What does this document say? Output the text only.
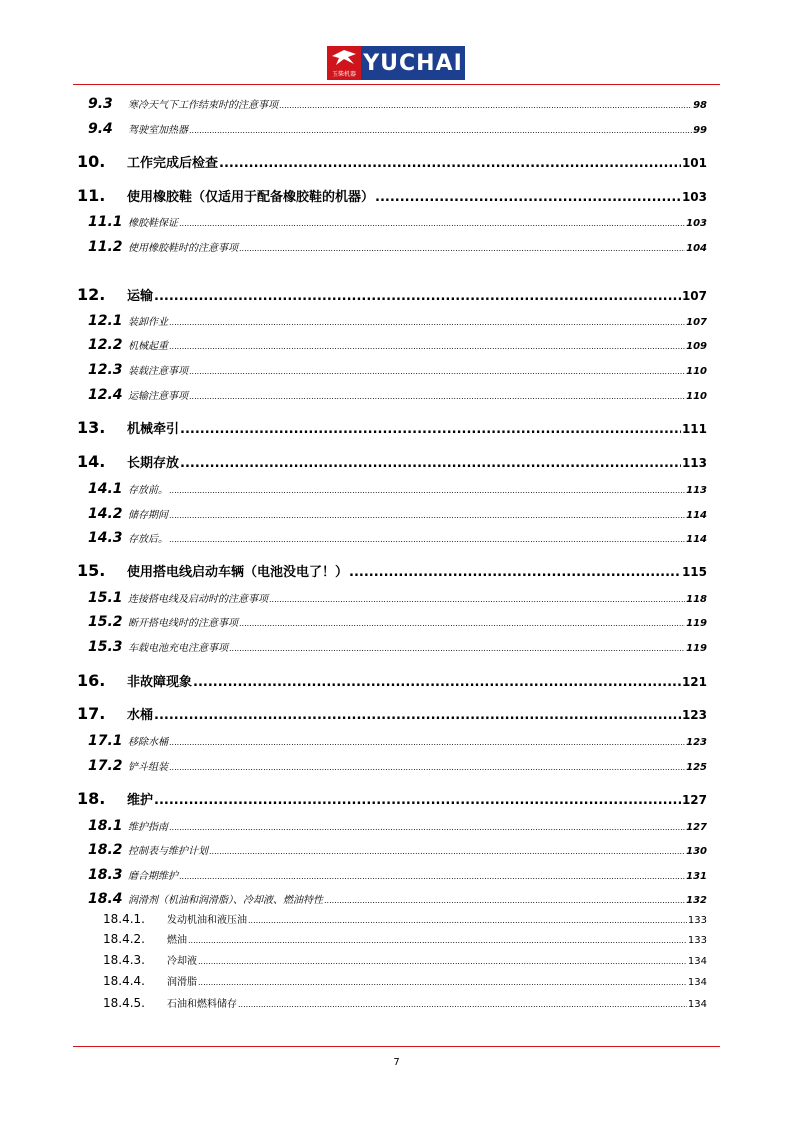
玉柴机器 YUCHAI
9.3	寒冷天气下工作结束时的注意事项 .....	98
9.4	驾驶室加热器 .....	99
10.	工作完成后检查 .....	101
11.	使用橡胶鞋（仅适用于配备橡胶鞋的机器） .....	103
11.1 橡胶鞋保证 .....	103
11.2 使用橡胶鞋时的注意事项 .....	104
12.	运输 .....	107
12.1 装卸作业 .....	107
12.2 机械起重 .....	109
12.3 装载注意事项 .....	110
12.4 运输注意事项 .....	110
13.	机械牵引 .....	111
14.	长期存放 .....	113
14.1 存放前。 .....	113
14.2 储存期间 .....	114
14.3 存放后。 .....	114
15.	使用搭电线启动车辆（电池没电了！） .....	115
15.1 连接搭电线及启动时的注意事项 .....	118
15.2 断开搭电线时的注意事项 .....	119
15.3 车载电池充电注意事项 .....	119
16.	非故障现象 .....	121
17.	水桶 .....	123
17.1 移除水桶 .....	123
17.2 铲斗组装 .....	125
18.	维护 .....	127
18.1 维护指南 .....	127
18.2 控制表与维护计划 .....	130
18.3 磨合期维护 .....	131
18.4 润滑剂（机油和润滑脂）、冷却液、燃油特性 .....	132
18.4.1.	发动机油和液压油 .....	133
18.4.2.	燃油 .....	133
18.4.3.	冷却液 .....	134
18.4.4.	润滑脂 .....	134
18.4.5.	石油和燃料储存 .....	134
7
